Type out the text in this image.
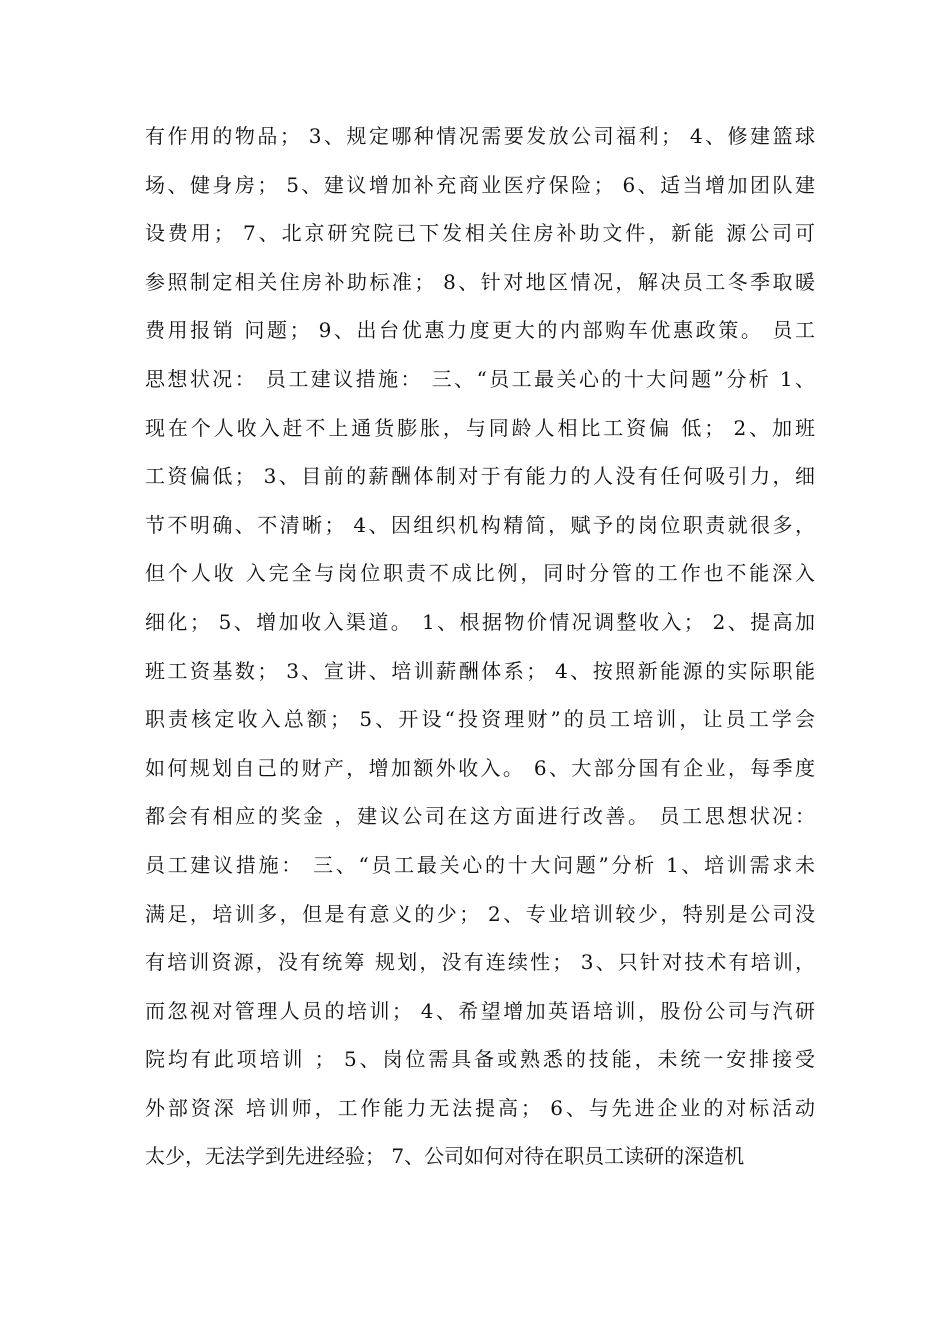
有作用的物品； 3、规定哪种情况需要发放公司福利； 4、修建篮球
场、健身房； 5、建议增加补充商业医疗保险； 6、适当增加团队建
设费用； 7、北京研究院已下发相关住房补助文件，新能 源公司可
参照制定相关住房补助标准； 8、针对地区情况，解决员工冬季取暖
费用报销 问题； 9、出台优惠力度更大的内部购车优惠政策。 员工
思想状况： 员工建议措施： 三、“员工最关心的十大问题”分析 1、
现在个人收入赶不上通货膨胀，与同龄人相比工资偏 低； 2、加班
工资偏低； 3、目前的薪酬体制对于有能力的人没有任何吸引力，细
节不明确、不清晰； 4、因组织机构精简，赋予的岗位职责就很多，
但个人收 入完全与岗位职责不成比例，同时分管的工作也不能深入
细化； 5、增加收入渠道。 1、根据物价情况调整收入； 2、提高加
班工资基数； 3、宣讲、培训薪酬体系； 4、按照新能源的实际职能
职责核定收入总额； 5、开设“投资理财”的员工培训，让员工学会
如何规划自己的财产，增加额外收入。 6、大部分国有企业，每季度
都会有相应的奖金 ，建议公司在这方面进行改善。 员工思想状况：
员工建议措施： 三、“员工最关心的十大问题”分析 1、培训需求未
满足，培训多，但是有意义的少； 2、专业培训较少，特别是公司没
有培训资源，没有统筹 规划，没有连续性； 3、只针对技术有培训，
而忽视对管理人员的培训； 4、希望增加英语培训，股份公司与汽研
院均有此项培训 ； 5、岗位需具备或熟悉的技能，未统一安排接受
外部资深 培训师，工作能力无法提高； 6、与先进企业的对标活动
太少，无法学到先进经验； 7、公司如何对待在职员工读研的深造机
